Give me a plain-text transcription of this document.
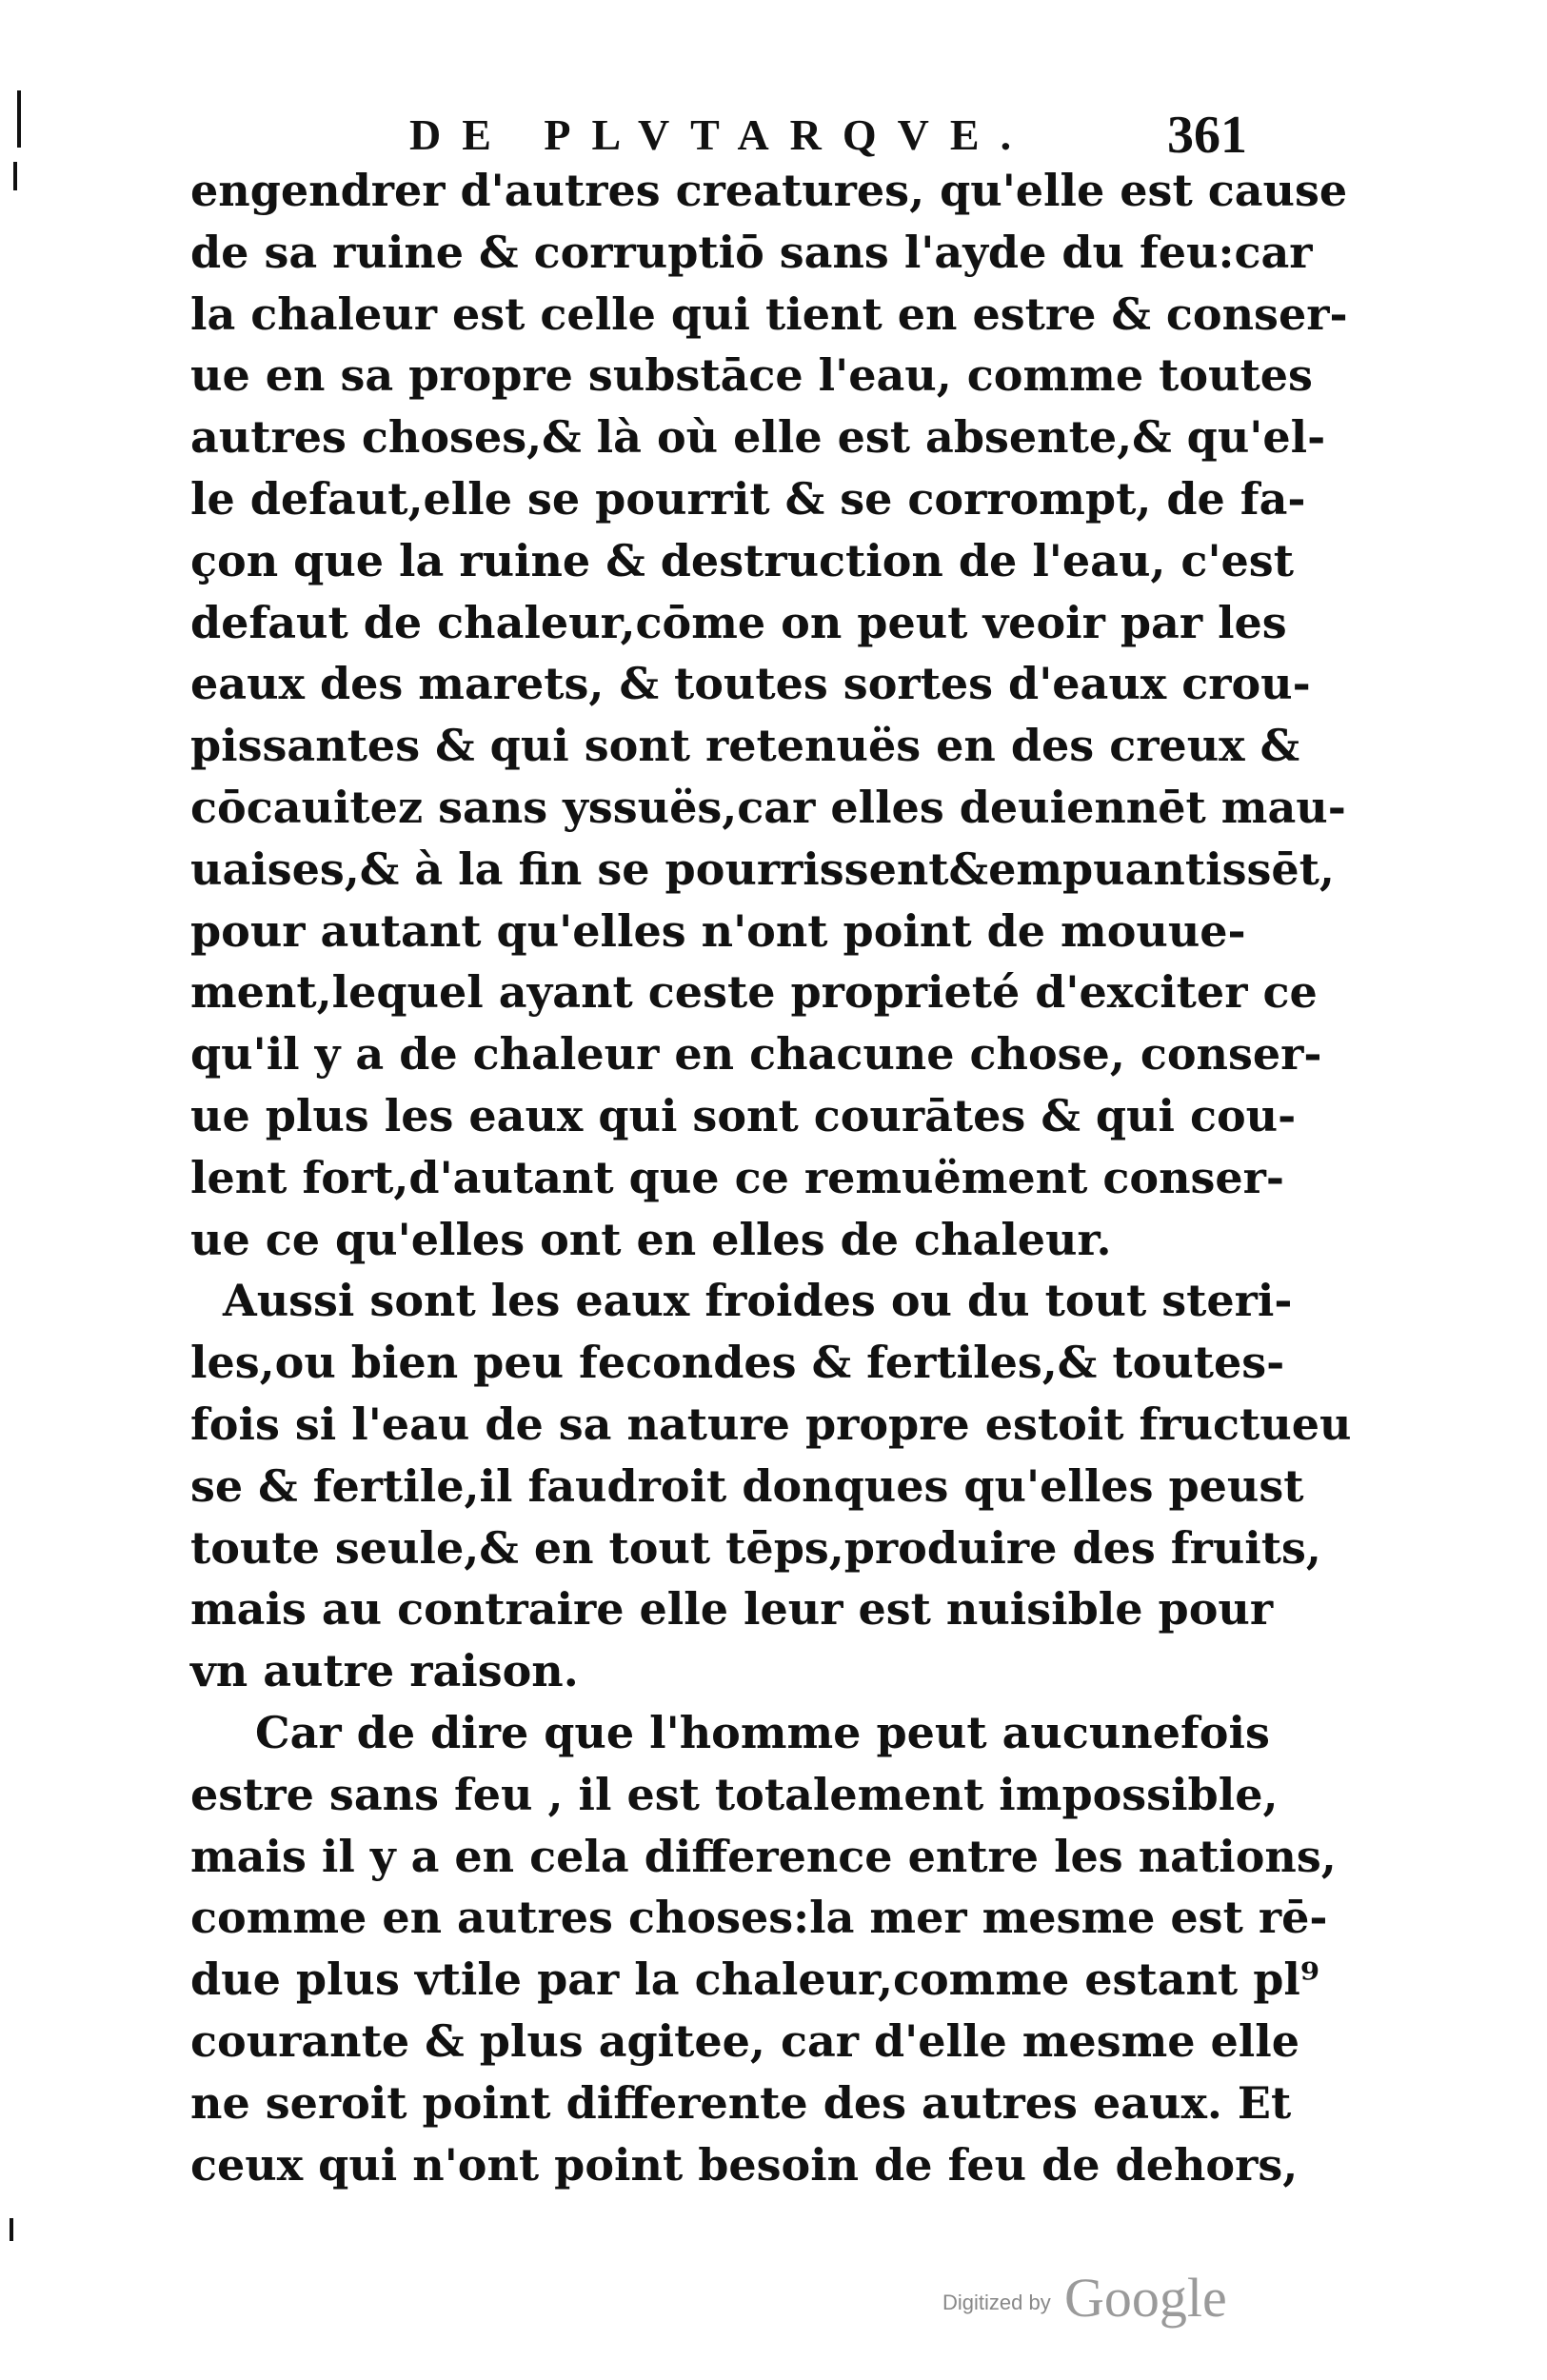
DE PLVTARQVE.	361
engendrer d'autres creatures, qu'elle est cause
de sa ruine & corruptiō sans l'ayde du feu:car
la chaleur est celle qui tient en estre & conser-
ue en sa propre substāce l'eau, comme toutes
autres choses,& là où elle est absente,& qu'el-
le defaut,elle se pourrit & se corrompt, de fa-
çon que la ruine & destruction de l'eau, c'est
defaut de chaleur,cōme on peut veoir par les
eaux des marets, & toutes sortes d'eaux crou-
pissantes & qui sont retenuës en des creux &
cōcauitez sans yssuës,car elles deuiennēt mau-
uaises,& à la fin se pourrissent&empuantissēt,
pour autant qu'elles n'ont point de mouue-
ment,lequel ayant ceste proprieté d'exciter ce
qu'il y a de chaleur en chacune chose, conser-
ue plus les eaux qui sont courātes & qui cou-
lent fort,d'autant que ce remuëment conser-
ue ce qu'elles ont en elles de chaleur.
Aussi sont les eaux froides ou du tout steri-
les,ou bien peu fecondes & fertiles,& toutes-
fois si l'eau de sa nature propre estoit fructueu
se & fertile,il faudroit donques qu'elles peust
toute seule,& en tout tēps,produire des fruits,
mais au contraire elle leur est nuisible pour
vn autre raison.
Car de dire que l'homme peut aucunefois
estre sans feu , il est totalement impossible,
mais il y a en cela difference entre les nations,
comme en autres choses:la mer mesme est rē-
due plus vtile par la chaleur,comme estant pl⁹
courante & plus agitee, car d'elle mesme elle
ne seroit point differente des autres eaux. Et
ceux qui n'ont point besoin de feu de dehors,
Digitized by Google
